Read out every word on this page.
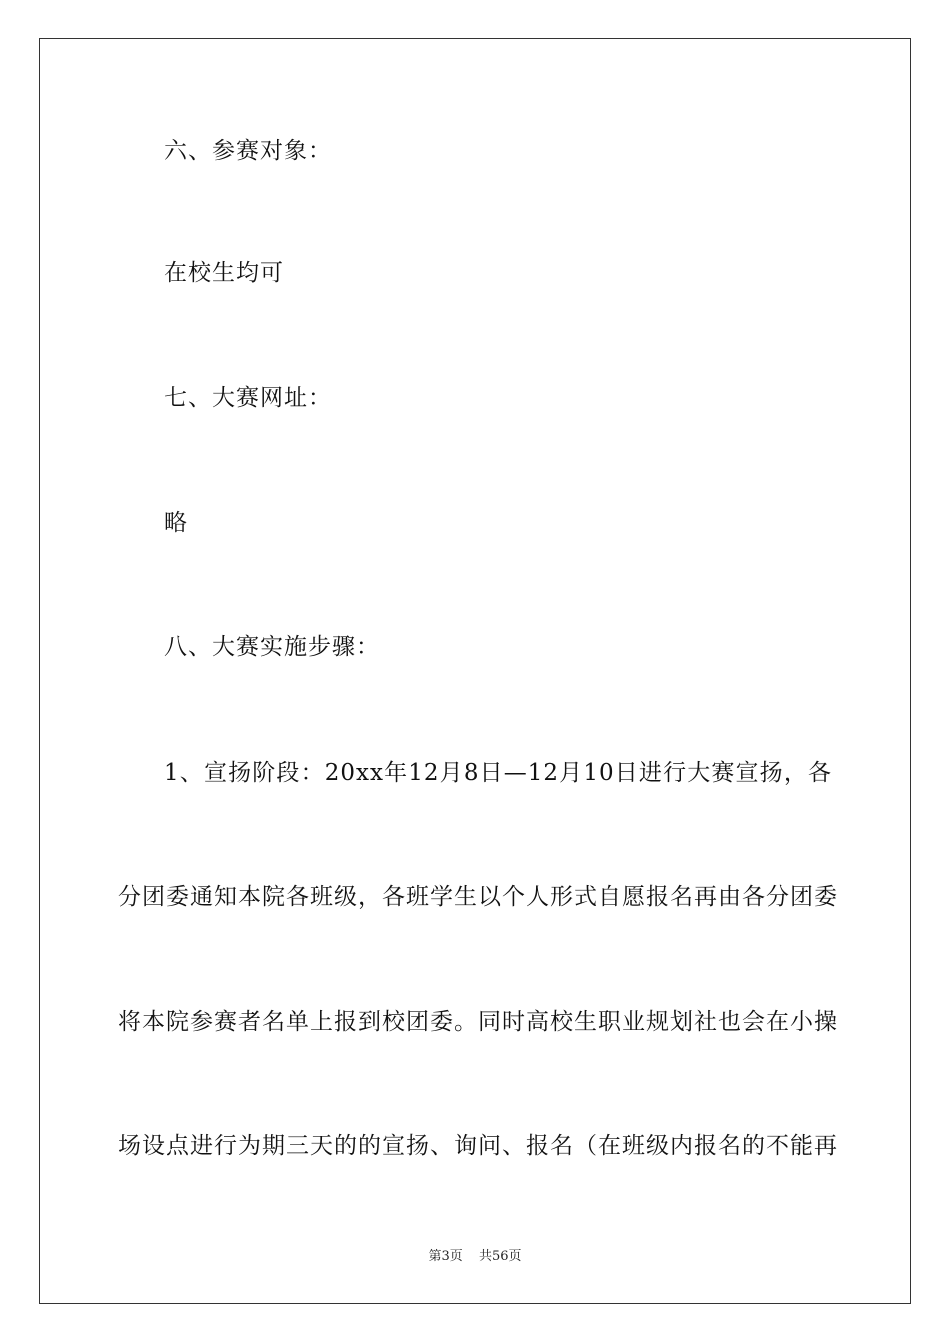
六、参赛对象：
在校生均可
七、大赛网址：
略
八、大赛实施步骤：
1、宣扬阶段：20xx年12月8日—12月10日进行大赛宣扬，各
分团委通知本院各班级，各班学生以个人形式自愿报名再由各分团委
将本院参赛者名单上报到校团委。同时高校生职业规划社也会在小操
场设点进行为期三天的的宣扬、询问、报名（在班级内报名的不能再
第3页 共56页
